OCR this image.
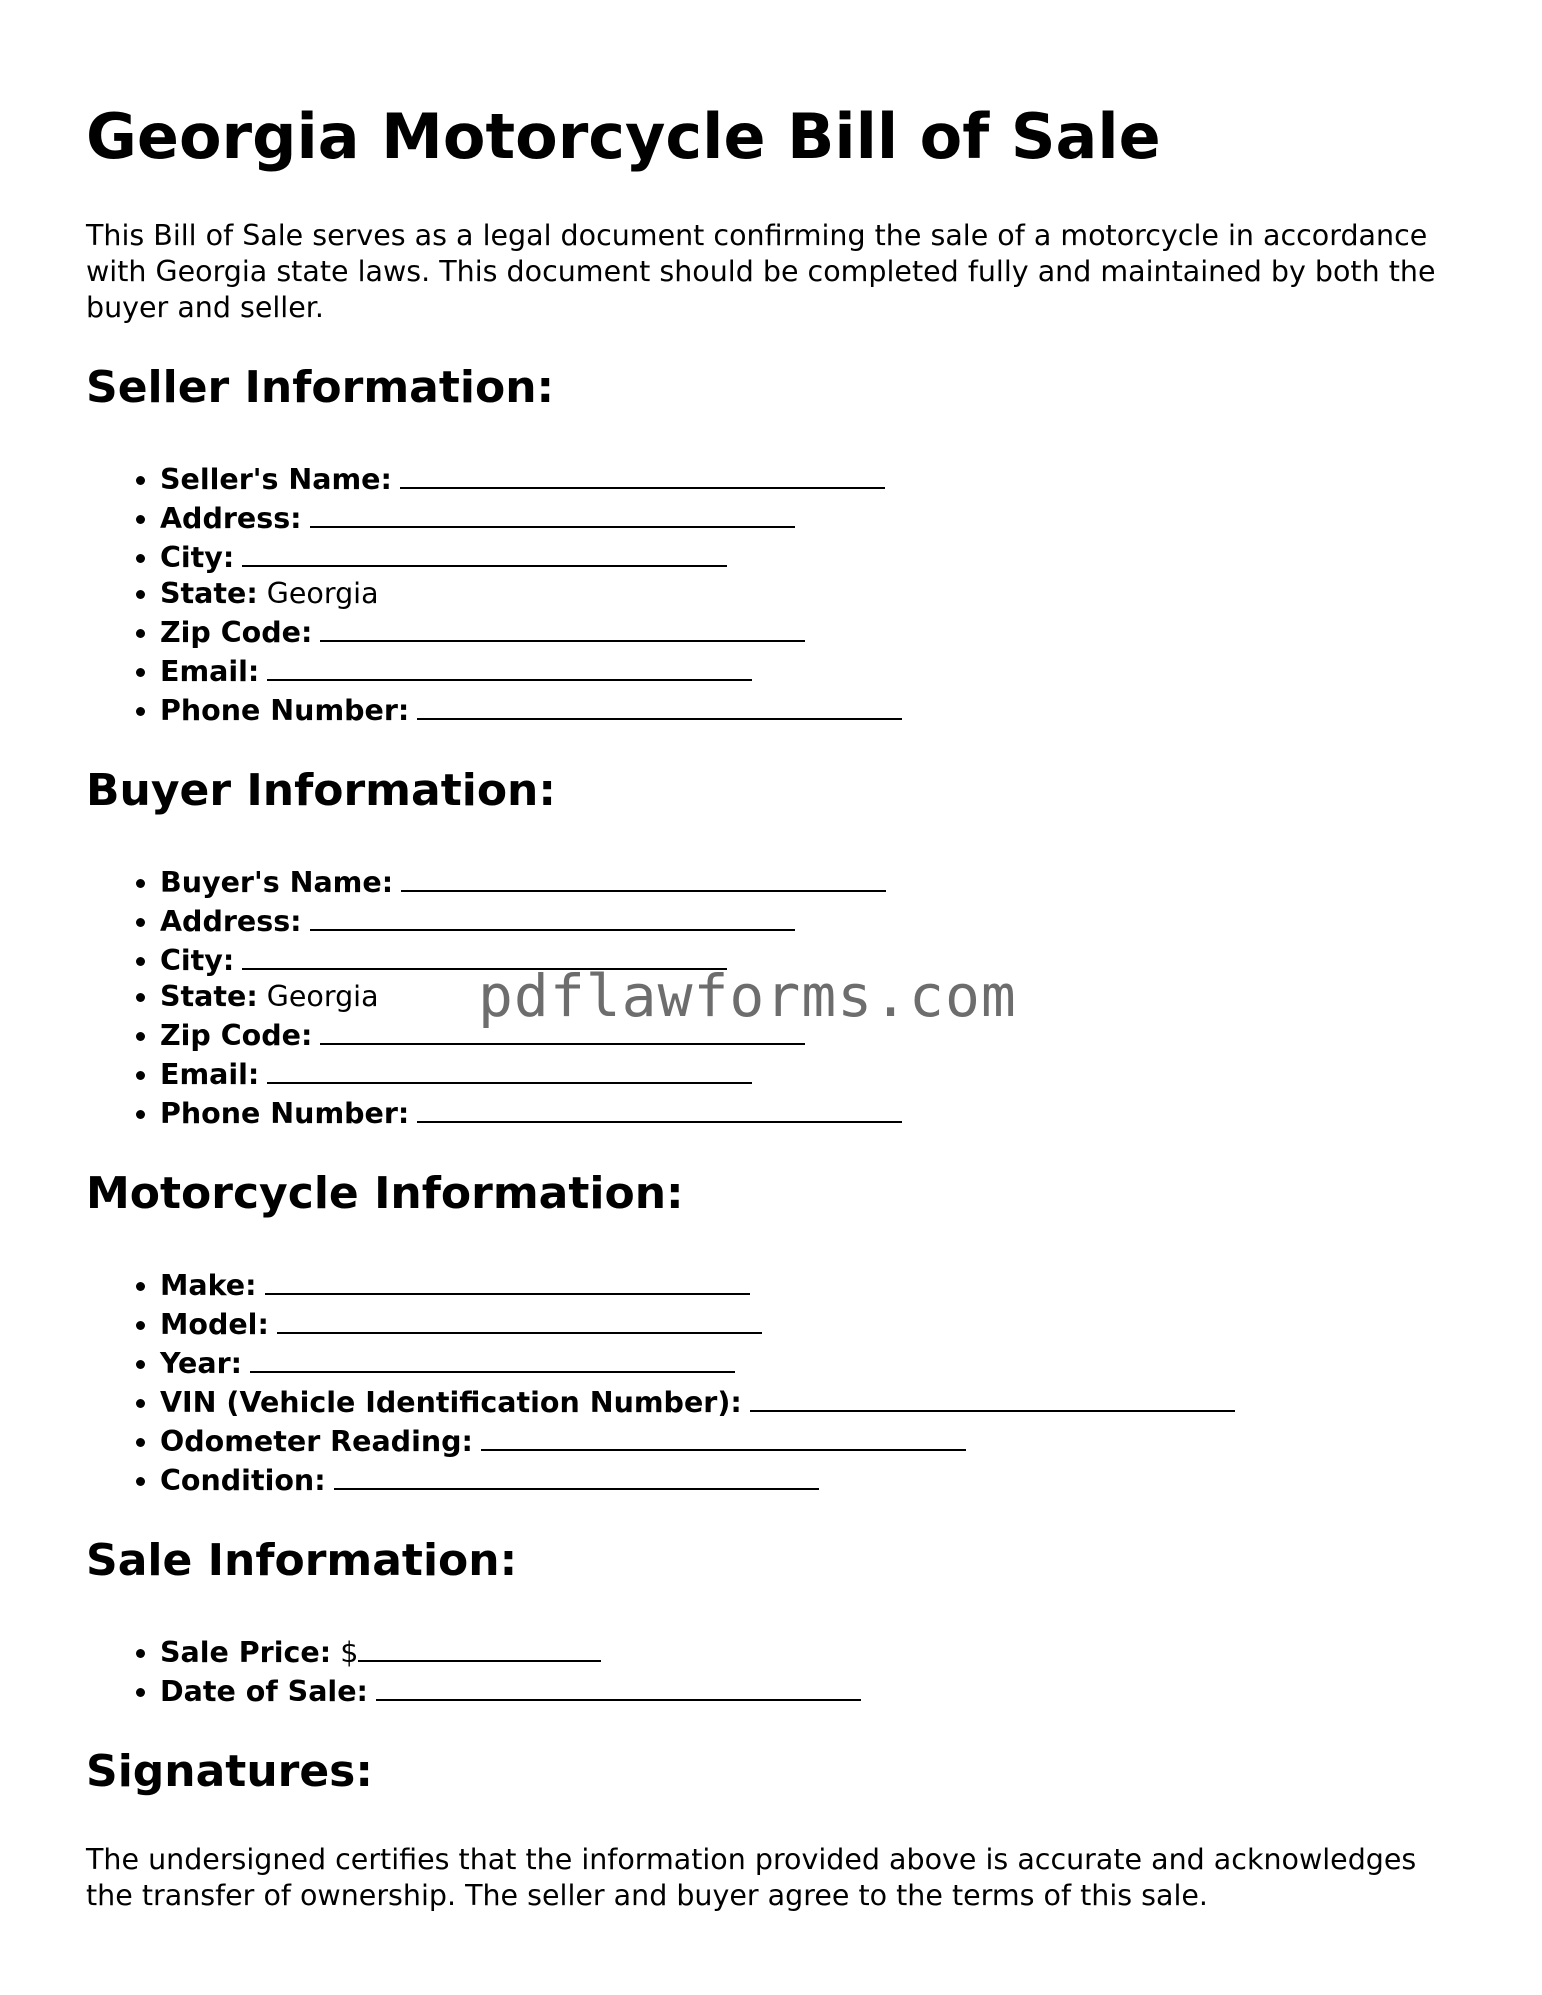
Georgia Motorcycle Bill of Sale

This Bill of Sale serves as a legal document confirming the sale of a motorcycle in accordance with Georgia state laws. This document should be completed fully and maintained by both the buyer and seller.

Seller Information:
• Seller's Name:
• Address:
• City:
• State: Georgia
• Zip Code:
• Email:
• Phone Number:
Buyer Information:
• Buyer's Name:
• Address:
• City:
• State: Georgia
• Zip Code:
• Email:
• Phone Number:
Motorcycle Information:
• Make:
• Model:
• Year:
• VIN (Vehicle Identification Number):
• Odometer Reading:
• Condition:
Sale Information:
• Sale Price: $
• Date of Sale:
Signatures:

The undersigned certifies that the information provided above is accurate and acknowledges the transfer of ownership. The seller and buyer agree to the terms of this sale.

pdflawforms.com
